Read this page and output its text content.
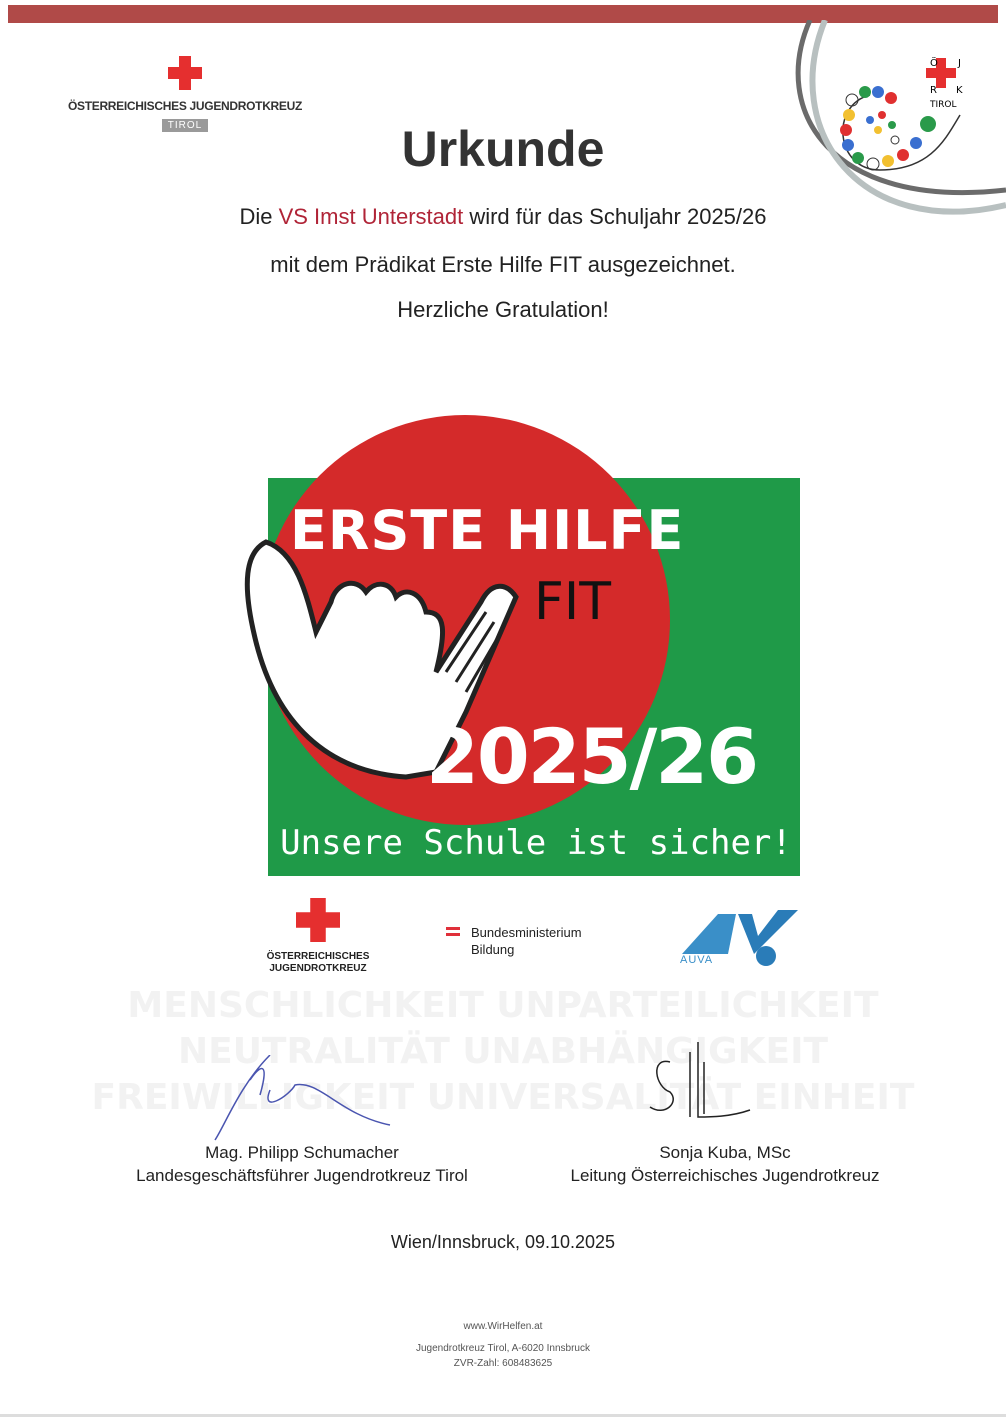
MENSCHLICHKEIT UNPARTEILICHKEIT
NEUTRALITÄT UNABHÄNGIGKEIT
FREIWILLIGKEIT UNIVERSALITÄT EINHEIT
ÖSTERREICHISCHES JUGENDROTKREUZ
TIROL
Ö J
R K
TIROL
Urkunde
Die VS Imst Unterstadt wird für das Schuljahr 2025/26
mit dem Prädikat Erste Hilfe FIT ausgezeichnet.
Herzliche Gratulation!
ERSTE HILFE
FIT
2025/26
Unsere Schule ist sicher!
ÖSTERREICHISCHES
JUGENDROTKREUZ
Bundesministerium
Bildung
AUVA
Mag. Philipp Schumacher
Landesgeschäftsführer Jugendrotkreuz Tirol
Sonja Kuba, MSc
Leitung Österreichisches Jugendrotkreuz
Wien/Innsbruck, 09.10.2025
www.WirHelfen.at
Jugendrotkreuz Tirol, A-6020 Innsbruck
ZVR-Zahl: 608483625
